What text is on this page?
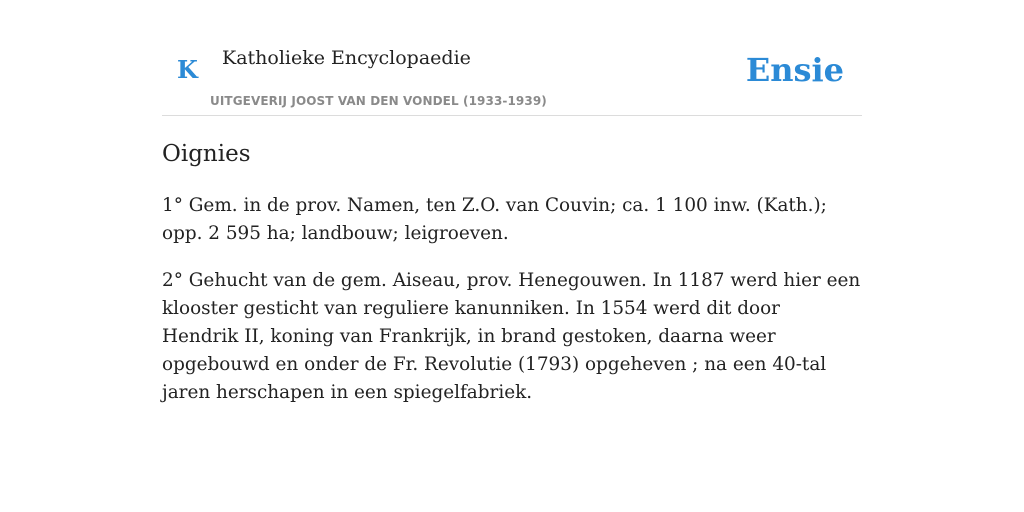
K Katholieke Encyclopaedie
UITGEVERIJ JOOST VAN DEN VONDEL (1933-1939)
Ensie
Oignies

1° Gem. in de prov. Namen, ten Z.O. van Couvin; ca. 1 100 inw. (Kath.); opp. 2 595 ha; landbouw; leigroeven.

2° Gehucht van de gem. Aiseau, prov. Henegouwen. In 1187 werd hier een klooster gesticht van reguliere kanunniken. In 1554 werd dit door Hendrik II, koning van Frankrijk, in brand gestoken, daarna weer opgebouwd en onder de Fr. Revolutie (1793) opgeheven ; na een 40-tal jaren herschapen in een spiegelfabriek.
